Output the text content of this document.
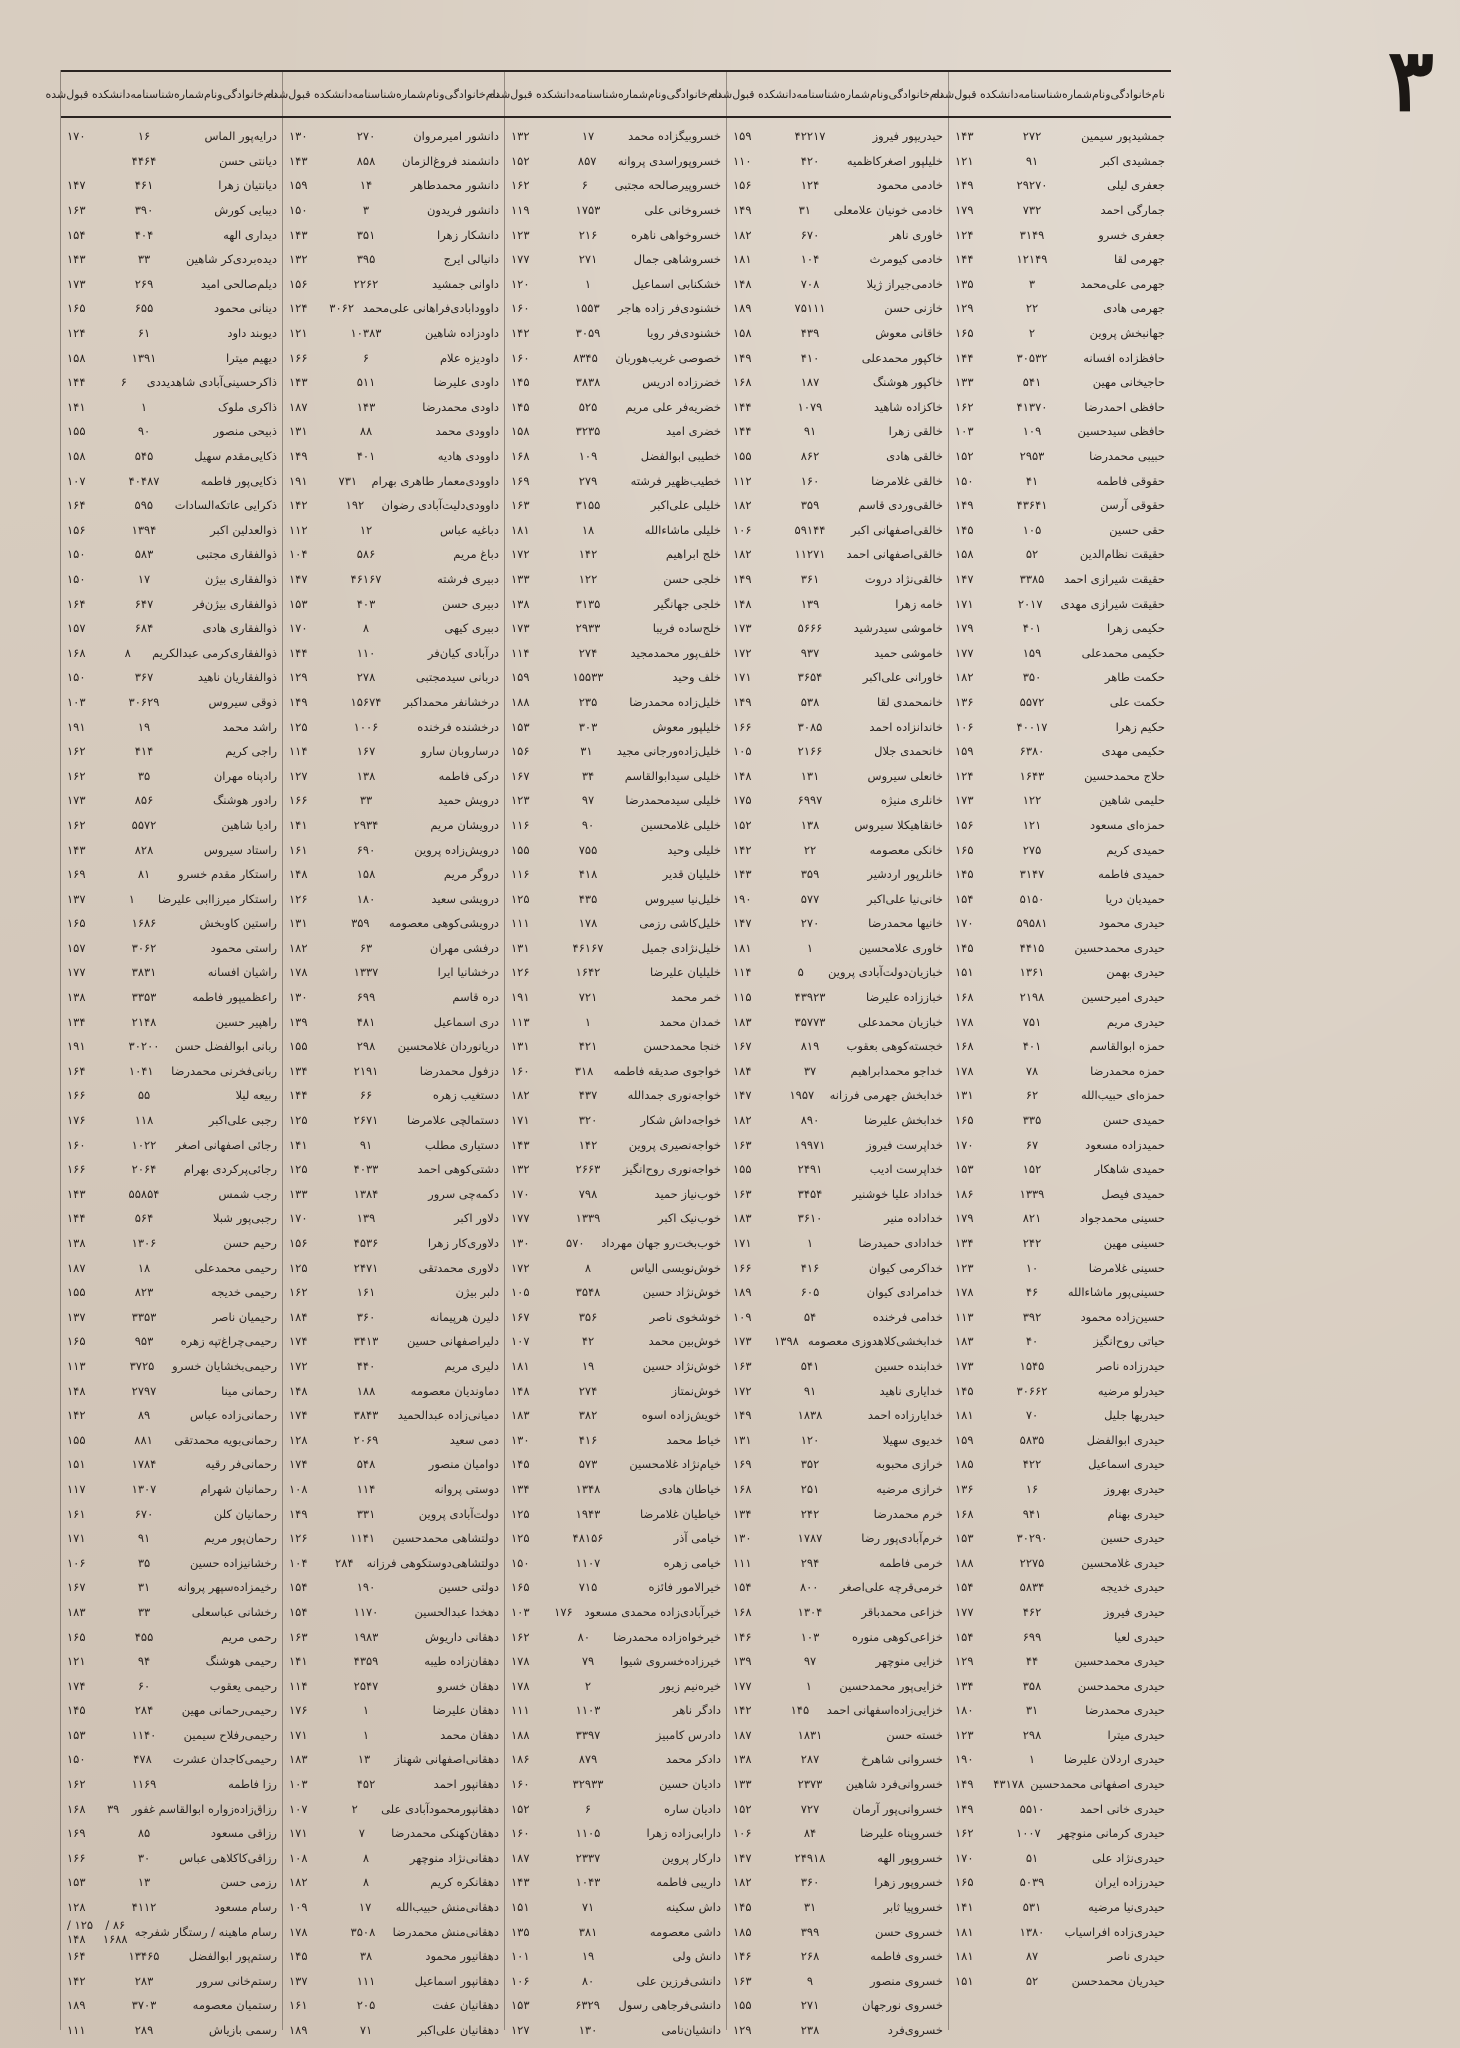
٣
نام‌خانوادگی‌ونام
شماره‌شناسنامه
دانشکده قبول‌شده
جمشیدپور سیمین
۲۷۲
۱۴۳
جمشیدی اکبر
۹۱
۱۲۱
جعفری لیلی
۲۹۲۷۰
۱۴۹
جمارگی احمد
۷۳۲
۱۷۹
جعفری خسرو
۳۱۴۹
۱۲۴
جهرمی لقا
۱۲۱۴۹
۱۴۴
جهرمی علی‌محمد
۳
۱۳۵
جهرمی هادی
۲۲
۱۲۹
جهانبخش پروین
۲
۱۶۵
حافظزاده افسانه
۳۰۵۳۲
۱۴۴
حاجیخانی مهین
۵۴۱
۱۳۳
حافظی احمدرضا
۴۱۳۷۰
۱۶۲
حافظی سیدحسین
۱۰۹
۱۰۳
حبیبی محمدرضا
۲۹۵۳
۱۵۲
حقوقی فاطمه
۴۱
۱۵۰
حقوقی آرسن
۴۳۶۴۱
۱۴۹
حقی حسین
۱۰۵
۱۴۵
حقیقت نظام‌الدین
۵۲
۱۵۸
حقیقت شیرازی احمد
۳۳۸۵
۱۴۷
حقیقت شیرازی مهدی
۲۰۱۷
۱۷۱
حکیمی زهرا
۴۰۱
۱۷۹
حکیمی محمدعلی
۱۵۹
۱۷۷
حکمت طاهر
۳۵۰
۱۸۲
حکمت علی
۵۵۷۲
۱۳۶
حکیم زهرا
۴۰۰۱۷
۱۰۶
حکیمی مهدی
۶۳۸۰
۱۵۹
حلاج محمدحسین
۱۶۴۳
۱۲۴
حلیمی شاهین
۱۲۲
۱۷۳
حمزه‌ای مسعود
۱۲۱
۱۵۶
حمیدی کریم
۲۷۵
۱۶۵
حمیدی فاطمه
۳۱۴۷
۱۴۵
حمیدیان دریا
۵۱۵۰
۱۵۴
حیدری محمود
۵۹۵۸۱
۱۷۰
حیدری محمدحسین
۴۴۱۵
۱۴۵
حیدری بهمن
۱۳۶۱
۱۵۱
حیدری امیرحسین
۲۱۹۸
۱۶۸
حیدری مریم
۷۵۱
۱۷۸
حمزه ابوالقاسم
۴۰۱
۱۶۸
حمزه محمدرضا
۷۸
۱۷۸
حمزه‌ای حبیب‌الله
۶۲
۱۳۱
حمیدی حسن
۳۳۵
۱۶۵
حمیدزاده مسعود
۶۷
۱۷۰
حمیدی شاهکار
۱۵۲
۱۵۳
حمیدی فیصل
۱۳۳۹
۱۸۶
حسینی محمدجواد
۸۲۱
۱۷۹
حسینی مهین
۲۴۲
۱۳۴
حسینی غلامرضا
۱۰
۱۲۳
حسینی‌پور ماشاءالله
۴۶
۱۷۸
حسین‌زاده محمود
۳۹۲
۱۱۳
حیاتی روح‌انگیز
۴۰
۱۸۳
حیدرزاده ناصر
۱۵۴۵
۱۷۳
حیدرلو مرضیه
۳۰۶۶۲
۱۴۵
حیدریها جلیل
۷۰
۱۸۱
حیدری ابوالفضل
۵۸۳۵
۱۵۹
حیدری اسماعیل
۴۲۲
۱۸۵
حیدری بهروز
۱۶
۱۳۶
حیدری بهنام
۹۴۱
۱۶۸
حیدری حسین
۳۰۲۹۰
۱۵۳
حیدری غلامحسین
۲۲۷۵
۱۸۸
حیدری خدیجه
۵۸۳۴
۱۵۴
حیدری فیروز
۴۶۲
۱۷۷
حیدری لعیا
۶۹۹
۱۵۴
حیدری محمدحسین
۴۴
۱۲۹
حیدری محمدحسن
۳۵۸
۱۳۴
حیدری محمدرضا
۳۱
۱۸۰
حیدری میترا
۲۹۸
۱۲۳
حیدری اردلان علیرضا
۱
۱۹۰
حیدری اصفهانی محمدحسین
۴۳۱۷۸
۱۴۹
حیدری خانی احمد
۵۵۱۰
۱۴۹
حیدری کرمانی منوچهر
۱۰۰۷
۱۶۲
حیدری‌نژاد علی
۵۱
۱۷۰
حیدرزاده ایران
۵۰۳۹
۱۶۵
حیدری‌نیا مرضیه
۵۳۱
۱۴۱
حیدری‌زاده افراسیاب
۱۳۸۰
۱۸۱
حیدری ناصر
۸۷
۱۸۱
حیدریان محمدحسن
۵۲
۱۵۱
نام‌خانوادگی‌ونام
شماره‌شناسنامه
دانشکده قبول‌شده
حیدریپور فیروز
۴۲۲۱۷
۱۵۹
خلیلپور اصغرکاظمیه
۴۲۰
۱۱۰
خادمی محمود
۱۲۴
۱۵۶
خادمی خونیان علامعلی
۳۱
۱۴۹
خاوری ناهر
۶۷۰
۱۸۲
خادمی کیومرث
۱۰۴
۱۸۱
خادمی‌جیراز ژیلا
۷۰۸
۱۴۸
خازنی حسن
۷۵۱۱۱
۱۸۹
خاقانی معوش
۴۳۹
۱۵۸
خاکپور محمدعلی
۴۱۰
۱۴۹
خاکپور هوشنگ
۱۸۷
۱۶۸
خاکزاده شاهید
۱۰۷۹
۱۴۴
خالقی زهرا
۹۱
۱۴۴
خالقی هادی
۸۶۲
۱۵۵
خالقی غلامرضا
۱۶۰
۱۱۲
خالقی‌وردی قاسم
۳۵۹
۱۸۲
خالقی‌اصفهانی اکبر
۵۹۱۴۴
۱۰۶
خالقی‌اصفهانی احمد
۱۱۲۷۱
۱۸۲
خالقی‌نژاد دروت
۳۶۱
۱۴۹
خامه زهرا
۱۳۹
۱۴۸
خاموشی سیدرشید
۵۶۶۶
۱۷۳
خاموشی حمید
۹۳۷
۱۷۲
خاورانی علی‌اکبر
۳۶۵۴
۱۷۱
خانمحمدی لقا
۵۳۸
۱۴۹
خاندانزاده احمد
۳۰۸۵
۱۶۶
خانحمدی جلال
۲۱۶۶
۱۰۵
خانعلی سیروس
۱۳۱
۱۴۸
خانلری منیژه
۶۹۹۷
۱۷۵
خانقاهیکلا سیروس
۱۳۸
۱۵۲
خانکی معصومه
۲۲
۱۴۲
خانلرپور اردشیر
۳۵۹
۱۴۳
خانی‌نیا علی‌اکبر
۵۷۷
۱۹۰
خانیها محمدرضا
۲۷۰
۱۴۷
خاوری علامحسین
۱
۱۸۱
خبازیان‌دولت‌آبادی پروین
۵
۱۱۴
خباز‌زاده علیرضا
۴۳۹۲۳
۱۱۵
خبازیان محمدعلی
۳۵۷۷۳
۱۸۳
خجسته‌کوهی بعقوب
۸۱۹
۱۶۷
خداجو محمدابراهیم
۳۷
۱۸۴
خدابخش جهرمی فرزانه
۱۹۵۷
۱۴۷
خدابخش علیرضا
۸۹۰
۱۸۲
خداپرست فیروز
۱۹۹۷۱
۱۶۳
خداپرست ادیب
۲۴۹۱
۱۵۵
خداداد علیا خوشنیر
۳۴۵۴
۱۶۳
خداداده منیر
۳۶۱۰
۱۸۳
خدادادی حمیدرضا
۱
۱۷۱
خداکرمی کیوان
۴۱۶
۱۶۶
خدامرادی کیوان
۶۰۵
۱۸۹
خدامی فرخنده
۵۴
۱۰۹
خدابخشی‌کلاهدوزی معصومه
۱۳۹۸
۱۷۳
خدابنده حسین
۵۴۱
۱۶۳
خدایاری ناهید
۹۱
۱۷۲
خدایارزاده احمد
۱۸۳۸
۱۴۹
خدیوی سهیلا
۱۲۰
۱۳۱
خرازی محبوبه
۳۵۲
۱۶۹
خرازی مرضیه
۲۵۱
۱۶۸
خرم محمدرضا
۲۴۲
۱۳۴
خرم‌آبادی‌پور رضا
۱۷۸۷
۱۳۰
خرمی فاطمه
۲۹۴
۱۱۱
خرمی‌قرچه علی‌اصغر
۸۰۰
۱۵۴
خزاعی محمدباقر
۱۳۰۴
۱۶۸
خزاعی‌کوهی منوره
۱۰۳
۱۴۶
خزایی منوچهر
۹۷
۱۳۹
خزایی‌پور محمدحسین
۱
۱۷۷
خزایی‌زاده‌اسفهانی احمد
۱۴۵
۱۴۲
خسته حسن
۱۸۳۱
۱۸۷
خسروانی شاهرخ
۲۸۷
۱۳۸
خسروانی‌فرد شاهین
۲۳۷۳
۱۳۳
خسروانی‌پور آرمان
۷۲۷
۱۵۲
خسروپناه علیرضا
۸۴
۱۰۶
خسروپور الهه
۲۴۹۱۸
۱۴۷
خسروپور زهرا
۳۶۰
۱۸۲
خسروپیا ثابر
۳۱
۱۴۵
خسروی حسن
۳۹۹
۱۸۵
خسروی فاطمه
۲۶۸
۱۴۶
خسروی منصور
۹
۱۶۳
خسروی نورجهان
۲۷۱
۱۵۵
خسروی‌فرد
۲۳۸
۱۲۹
نام‌خانوادگی‌ونام
شماره‌شناسنامه
دانشکده قبول‌شده
خسروبیگزاده محمد
۱۷
۱۳۲
خسروپور‌اسدی پروانه
۸۵۷
۱۵۲
خسروپیرصالحه مجتبی
۶
۱۶۲
خسروخانی علی
۱۷۵۳
۱۱۹
خسروخواهی ناهره
۲۱۶
۱۲۳
خسروشاهی جمال
۲۷۱
۱۷۷
خشکنابی اسماعیل
۱
۱۲۰
خشنودی‌فر زاده هاجر
۱۵۵۳
۱۶۰
خشنودی‌فر رویا
۳۰۵۹
۱۴۲
خصوصی غریب‌هوربان
۸۳۴۵
۱۶۰
خضرزاده ادریس
۳۸۳۸
۱۴۵
خضریه‌فر علی مریم
۵۲۵
۱۴۵
خضری امید
۳۲۳۵
۱۵۸
خطیبی ابوالفضل
۱۰۹
۱۶۸
خطیب‌ظهیر فرشته
۲۷۹
۱۶۹
خلیلی علی‌اکبر
۳۱۵۵
۱۶۳
خلیلی ماشاءالله
۱۸
۱۸۱
خلج ابراهیم
۱۴۲
۱۷۲
خلجی حسن
۱۲۲
۱۳۳
خلجی جهانگیر
۳۱۳۵
۱۳۸
خلج‌ساده فریبا
۲۹۳۳
۱۷۳
خلف‌پور محمدمجید
۲۷۴
۱۱۴
خلف وحید
۱۵۵۳۳
۱۵۹
خلیل‌زاده محمدرضا
۲۳۵
۱۸۸
خلیلپور معوش
۳۰۳
۱۵۳
خلیل‌زاده‌ورجانی مجید
۳۱
۱۵۶
خلیلی سیدابوالقاسم
۳۴
۱۶۷
خلیلی سیدمحمدرضا
۹۷
۱۲۳
خلیلی غلامحسین
۹۰
۱۱۶
خلیلی وحید
۷۵۵
۱۵۵
خلیلیان قدیر
۴۱۸
۱۱۶
خلیل‌نیا سیروس
۴۳۵
۱۲۵
خلیل‌کاشی رزمی
۱۷۸
۱۱۱
خلیل‌نژادی جمیل
۴۶۱۶۷
۱۳۱
خلیلیان علیرضا
۱۶۴۲
۱۲۶
خمر محمد
۷۲۱
۱۹۱
خمدان محمد
۱
۱۱۳
خنجا محمدحسن
۴۲۱
۱۳۱
خواجوی صدیقه فاطمه
۳۱۸
۱۶۰
خواجه‌نوری جمدالله
۴۳۷
۱۸۲
خواجه‌داش شکار
۳۲۰
۱۷۱
خواجه‌نصیری پروین
۱۴۲
۱۴۳
خواجه‌نوری روح‌انگیز
۲۶۶۳
۱۳۲
خوب‌نیاز حمید
۷۹۸
۱۷۰
خوب‌نیک اکبر
۱۳۳۹
۱۷۷
خوب‌بخت‌رو جهان مهرداد
۵۷۰
۱۳۰
خوش‌نویسی الیاس
۸
۱۷۲
خوش‌نژاد حسین
۳۵۴۸
۱۰۵
خوشخوی ناصر
۳۵۶
۱۶۷
خوش‌بین محمد
۴۲
۱۰۷
خوش‌نژاد حسین
۱۹
۱۸۱
خوش‌نمتاز
۲۷۴
۱۴۸
خویش‌زاده اسوه
۳۸۲
۱۸۳
خیاط محمد
۴۱۶
۱۳۰
خیام‌نژاد غلامحسین
۵۷۳
۱۴۵
خیاطان هادی
۱۳۴۸
۱۳۴
خیاطیان غلامرضا
۱۹۴۳
۱۲۵
خیامی آذر
۴۸۱۵۶
۱۲۵
خیامی زهره
۱۱۰۷
۱۵۰
خیرالامور فائزه
۷۱۵
۱۶۵
خیرآبادی‌زاده محمدی مسعود
۱۷۶
۱۰۳
خیرخواه‌زاده محمدرضا
۸۰
۱۶۲
خیرزاده‌خسروی شیوا
۷۹
۱۷۸
خیره‌نیم زیور
۲
۱۷۸
دادگر ناهر
۱۱۰۳
۱۱۱
دادرس کامبیز
۳۳۹۷
۱۸۸
دادکر محمد
۸۷۹
۱۸۶
دادیان حسین
۳۲۹۳۳
۱۶۰
دادیان ساره
۶
۱۵۲
دارابی‌زاده زهرا
۱۱۰۵
۱۶۰
دارکار پروین
۲۳۳۷
۱۸۷
داریبی فاطمه
۱۰۴۳
۱۴۳
داش سکینه
۷۱
۱۵۱
داشی معصومه
۳۸۱
۱۳۵
دانش ولی
۱۹
۱۰۱
دانشی‌فرزین علی
۸۰
۱۰۶
دانشی‌فرجاهی رسول
۶۳۲۹
۱۵۳
دانشیان‌نامی
۱۳۰
۱۲۷
نام‌خانوادگی‌ونام
شماره‌شناسنامه
دانشکده قبول‌شده
دانشور امیرمروان
۲۷۰
۱۳۰
دانشمند فروغ‌الزمان
۸۵۸
۱۴۳
دانشور محمدطاهر
۱۴
۱۵۹
دانشور فریدون
۳
۱۵۰
دانشکار زهرا
۳۵۱
۱۴۳
دانیالی ایرج
۳۹۵
۱۳۲
داوانی جمشید
۲۲۶۲
۱۵۶
داوودابادی‌فراهانی علی‌محمد
۳۰۶۲
۱۲۴
داودزاده شاهین
۱۰۳۸۳
۱۲۱
داودیزه علام
۶
۱۶۶
داودی علیرضا
۵۱۱
۱۴۳
داودی محمدرضا
۱۴۳
۱۸۷
داوودی محمد
۸۸
۱۳۱
داوودی هادیه
۴۰۱
۱۴۹
داوودی‌معمار طاهری بهرام
۷۳۱
۱۹۱
داوودی‌دلیت‌آبادی رضوان
۱۹۲
۱۴۲
دباغیه عباس
۱۲
۱۱۲
دباغ مریم
۵۸۶
۱۰۴
دبیری فرشته
۴۶۱۶۷
۱۴۷
دبیری حسن
۴۰۳
۱۵۳
دبیری کیهی
۸
۱۷۰
درآبادی کیان‌فر
۱۱۰
۱۴۴
دربانی سیدمجتبی
۲۷۸
۱۲۹
درخشانفر محمد‌اکبر
۱۵۶۷۴
۱۴۹
درخشنده فرخنده
۱۰۰۶
۱۲۵
درساروبان سارو
۱۶۷
۱۱۴
درکی فاطمه
۱۳۸
۱۲۷
درویش حمید
۳۳
۱۶۶
درویشان مریم
۲۹۳۴
۱۴۱
درویش‌زاده پروین
۶۹۰
۱۶۱
دروگر مریم
۱۵۸
۱۴۸
درویشی سعید
۱۸۰
۱۲۶
درویشی‌کوهی معصومه
۳۵۹
۱۳۱
درفشی مهران
۶۳
۱۸۲
درخشانیا ایرا
۱۳۳۷
۱۷۸
دره قاسم
۶۹۹
۱۳۰
دری اسماعیل
۴۸۱
۱۳۹
دریانوردان غلامحسین
۲۹۸
۱۵۵
دزفول محمدرضا
۲۱۹۱
۱۳۴
دستغیب زهره
۶۶
۱۴۴
دستمالچی علامرضا
۲۶۷۱
۱۲۵
دستیاری مطلب
۹۱
۱۴۱
دشتی‌کوهی احمد
۴۰۳۳
۱۲۵
دکمه‌چی سرور
۱۳۸۴
۱۳۳
دلاور اکبر
۱۳۹
۱۷۰
دلاوری‌کار زهرا
۴۵۳۶
۱۵۶
دلاوری محمدتقی
۲۴۷۱
۱۲۵
دلبر بیژن
۱۶۱
۱۶۲
دلیرن هرپیمانه
۳۶۰
۱۸۴
دلیراصفهانی حسین
۳۴۱۳
۱۷۴
دلیری مریم
۴۴۰
۱۷۲
دماوندیان معصومه
۱۸۸
۱۴۸
دمیانی‌زاده عبدالحمید
۳۸۴۳
۱۷۴
دمی سعید
۲۰۶۹
۱۲۸
دوامیان منصور
۵۴۸
۱۷۴
دوستی پروانه
۱۱۴
۱۰۸
دولت‌آبادی پروین
۳۳۱
۱۴۹
دولتشاهی محمدحسین
۱۱۴۱
۱۲۶
دولتشاهی‌دوستکوهی فرزانه
۲۸۴
۱۰۴
دولتی حسین
۱۹۰
۱۵۴
دهخدا عبدالحسین
۱۱۷۰
۱۵۴
دهقانی داریوش
۱۹۸۳
۱۶۳
دهقان‌زاده طیبه
۴۳۵۹
۱۴۱
دهقان خسرو
۲۵۴۷
۱۱۴
دهقان علیرضا
۱
۱۷۶
دهقان محمد
۱
۱۷۱
دهقانی‌اصفهانی شهناز
۱۳
۱۸۳
دهقانپور احمد
۴۵۲
۱۰۳
دهقانپورمحمودآبادی علی
۲
۱۰۷
دهقان‌کهنکی محمدرضا
۷
۱۷۱
دهقانی‌نژاد منوچهر
۸
۱۰۸
دهقانکره کریم
۸
۱۸۲
دهقانی‌منش حبیب‌الله
۱۷
۱۰۹
دهقانی‌منش محمدرضا
۳۵۰۸
۱۷۸
دهقانیور محمود
۳۸
۱۴۵
دهقانپور اسماعیل
۱۱۱
۱۳۷
دهقانیان عفت
۲۰۵
۱۶۱
دهقانیان علی‌اکبر
۷۱
۱۸۹
نام‌خانوادگی‌ونام
شماره‌شناسنامه
دانشکده قبول‌شده
درایه‌پور الماس
۱۶
۱۷۰
دیانتی حسن
۴۴۶۴
دیانتیان زهرا
۴۶۱
۱۴۷
دیبایی کورش
۳۹۰
۱۶۳
دیداری الهه
۴۰۴
۱۵۴
دیده‌بردی‌کر شاهین
۳۳
۱۴۳
دیلم‌صالحی امید
۲۶۹
۱۷۳
دینانی محمود
۶۵۵
۱۶۵
دیوبند داود
۶۱
۱۲۴
دیهیم میترا
۱۳۹۱
۱۵۸
ذاکرحسینی‌آبادی شاهدیددی
۶
۱۴۴
ذاکری ملوک
۱
۱۴۱
ذبیحی منصور
۹۰
۱۵۵
ذکایی‌مقدم سهیل
۵۴۵
۱۵۸
ذکایی‌پور فاطمه
۴۰۴۸۷
۱۰۷
ذکرایی عاتکه‌السادات
۵۹۵
۱۶۴
ذوالعدلین اکبر
۱۳۹۴
۱۵۶
ذوالفقاری مجتبی
۵۸۳
۱۵۰
ذوالفقاری بیژن
۱۷
۱۵۰
ذوالفقاری بیژن‌فر
۶۴۷
۱۶۴
ذوالفقاری هادی
۶۸۴
۱۵۷
ذوالفقاری‌کرمی عبدالکریم
۸
۱۶۸
ذوالفقاریان ناهید
۳۶۷
۱۵۰
ذوقی سیروس
۳۰۶۲۹
۱۰۳
راشد محمد
۱۹
۱۹۱
راجی کریم
۴۱۴
۱۶۲
رادپناه مهران
۳۵
۱۶۲
رادور هوشنگ
۸۵۶
۱۷۳
رادیا شاهین
۵۵۷۲
۱۶۲
راستاد سیروس
۸۲۸
۱۴۳
راستکار مقدم خسرو
۸۱
۱۶۹
راستکار میرزاابی علیرضا
۱
۱۳۷
راستین کاوبخش
۱۶۸۶
۱۶۵
راستی محمود
۳۰۶۲
۱۵۷
راشیان افسانه
۳۸۳۱
۱۷۷
راعظمیپور فاطمه
۳۳۵۳
۱۳۸
راهپیر حسین
۲۱۴۸
۱۳۴
ربانی ابوالفضل حسن
۳۰۲۰۰
۱۹۱
ربانی‌فخرنی محمدرضا
۱۰۴۱
۱۶۴
ربیعه لیلا
۵۵
۱۶۶
رجبی علی‌اکبر
۱۱۸
۱۷۶
رجائی اصفهانی اصغر
۱۰۲۲
۱۶۰
رجائی‌پرکردی بهرام
۲۰۶۴
۱۶۶
رجب شمس
۵۵۸۵۴
۱۴۳
رجبی‌پور شبلا
۵۶۴
۱۴۴
رحیم حسن
۱۳۰۶
۱۳۸
رحیمی محمدعلی
۱۸
۱۸۷
رحیمی خدیجه
۸۲۳
۱۵۵
رحیمیان ناصر
۳۳۵۳
۱۳۷
رحیمی‌چراغ‌تپه زهره
۹۵۳
۱۶۵
رحیمی‌بخشایان خسرو
۳۷۲۵
۱۱۳
رحمانی مینا
۲۷۹۷
۱۴۸
رحمانی‌زاده عباس
۸۹
۱۴۲
رحمانی‌بویه محمدتقی
۸۸۱
۱۵۵
رحمانی‌فر رقیه
۱۷۸۴
۱۵۱
رحمانیان شهرام
۱۳۰۷
۱۱۷
رحمانیان کلن
۶۷۰
۱۶۱
رحمان‌پور مریم
۹۱
۱۷۱
رخشانیزاده حسین
۳۵
۱۰۶
رخیمزاده‌سپهر پروانه
۳۱
۱۶۷
رخشانی عباسعلی
۳۳
۱۸۳
رحمی مریم
۴۵۵
۱۶۵
رحیمی هوشنگ
۹۴
۱۲۱
رحیمی یعقوب
۶۰
۱۷۴
رحیمی‌رحمانی مهین
۲۸۴
۱۴۵
رحیمی‌رفلاح سیمین
۱۱۴۰
۱۵۳
رحیمی‌کاجدان عشرت
۴۷۸
۱۵۰
رزا فاطمه
۱۱۶۹
۱۶۲
رزاق‌زاده‌زواره ابوالقاسم غفور
۳۹
۱۶۸
رزاقی مسعود
۸۵
۱۶۹
رزاقی‌کاکلاهی عباس
۳۰
۱۶۶
رزمی حسن
۱۳
۱۵۳
رسام مسعود
۴۱۱۲
۱۲۸
رسام ماهینه / رستگار شفرجه
۸۶ / ۱۶۸۸
۱۲۵ / ۱۴۸
رستم‌پور ابوالفضل
۱۳۴۶۵
۱۶۴
رستم‌خانی سرور
۲۸۳
۱۴۲
رستمیان معصومه
۳۷۰۳
۱۸۹
رسمی بازیاش
۲۸۹
۱۱۱
